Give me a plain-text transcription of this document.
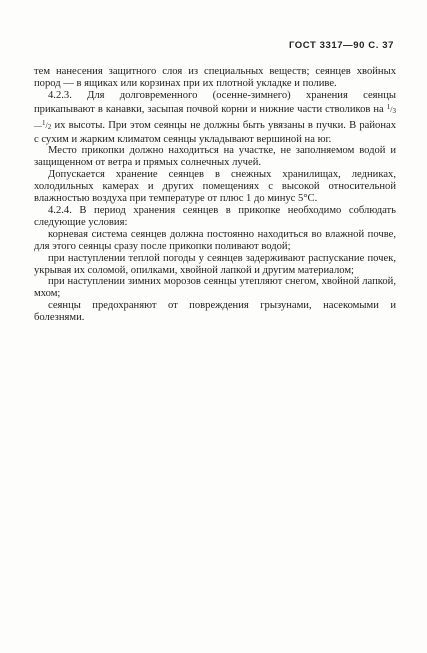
ГОСТ 3317—90 С. 37

тем нанесения защитного слоя из специальных веществ; сеянцев хвойных пород — в ящиках или корзинах при их плотной укладке и поливе.

4.2.3. Для долговременного (осенне-зимнего) хранения сеянцы прикапывают в канавки, засыпая почвой корни и нижние части стволиков на $^1/_3—^1/_2$ их высоты. При этом сеянцы не должны быть увязаны в пучки. В районах с сухим и жарким климатом сеянцы укладывают вершиной на юг.

Место прикопки должно находиться на участке, не заполняемом водой и защищенном от ветра и прямых солнечных лучей.

Допускается хранение сеянцев в снежных хранилищах, ледниках, холодильных камерах и других помещениях с высокой относительной влажностью воздуха при температуре от плюс 1 до минус 5°С.

4.2.4. В период хранения сеянцев в прикопке необходимо соблюдать следующие условия:

корневая система сеянцев должна постоянно находиться во влажной почве, для этого сеянцы сразу после прикопки поливают водой;

при наступлении теплой погоды у сеянцев задерживают распускание почек, укрывая их соломой, опилками, хвойной лапкой и другим материалом;

при наступлении зимних морозов сеянцы утепляют снегом, хвойной лапкой, мхом;

сеянцы предохраняют от повреждения грызунами, насекомыми и болезнями.
